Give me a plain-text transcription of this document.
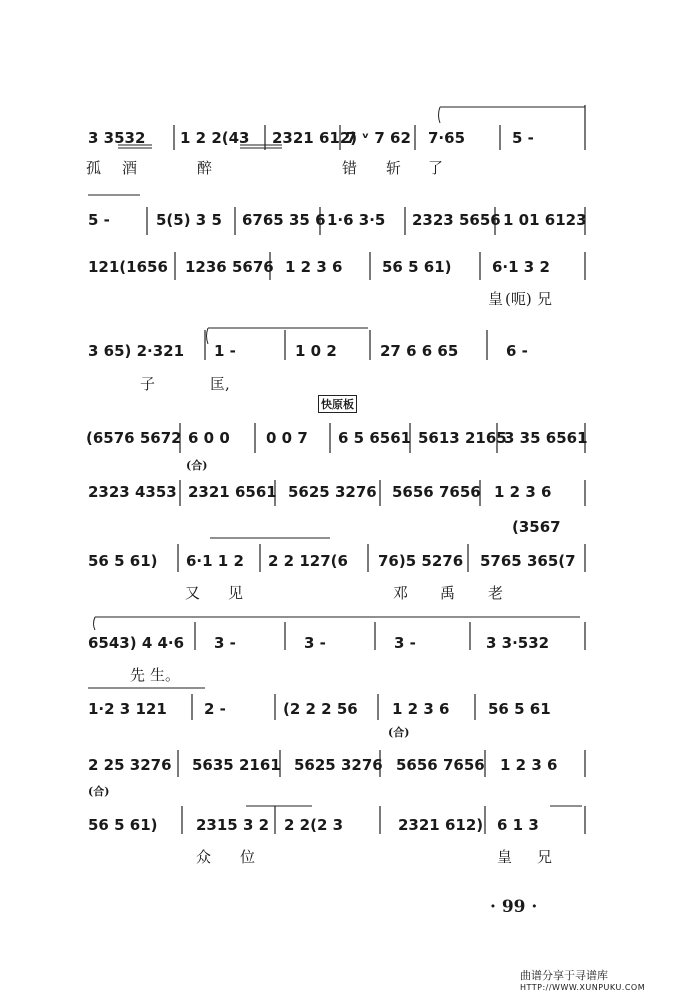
3 3532 1 2 2(43 2321 612)
7 ᵛ 7 62 7·65	5 -
孤 酒	醉	错 斩 了
5 -	5(5) 3 5 6765 35 6 1·6 3·5 2323 5656 1 01 6123
121(1656 1236 5676 1 2 3 6	56 5 61)	6·1 3 2
皇 (呃) 兄
3 65) 2·321 1 -	1 0 2	27 6 6 65	6 -
子	匡,
快原板
(6576 5672 6 0 0 0 0 7 6 5 6561 5613 2165
3 35 6561
(合)
2323 4353 2321 6561 5625 3276 5656 7656 1 2 3 6
(3567
56 5 61) 6·1 1 2 2 2 127(6 76)5 5276 5765 365(7
又 见	邓 禹 老
6543) 4 4·6 3 -	3 -	3 -	3 3·532
先 生。
1·2 3 121 2 -	(2 2 2 56 1 2 3 6	56 5 61
(合)
2 25 3276 5635 2161 5625 3276 5656 7656 1 2 3 6
(合)
56 5 61)	2315 3 2 2 2(2 3	2321 612) 6 1 3
众 位	皇 兄
· 99 ·
曲谱分享于寻谱库
HTTP://WWW.XUNPUKU.COM
